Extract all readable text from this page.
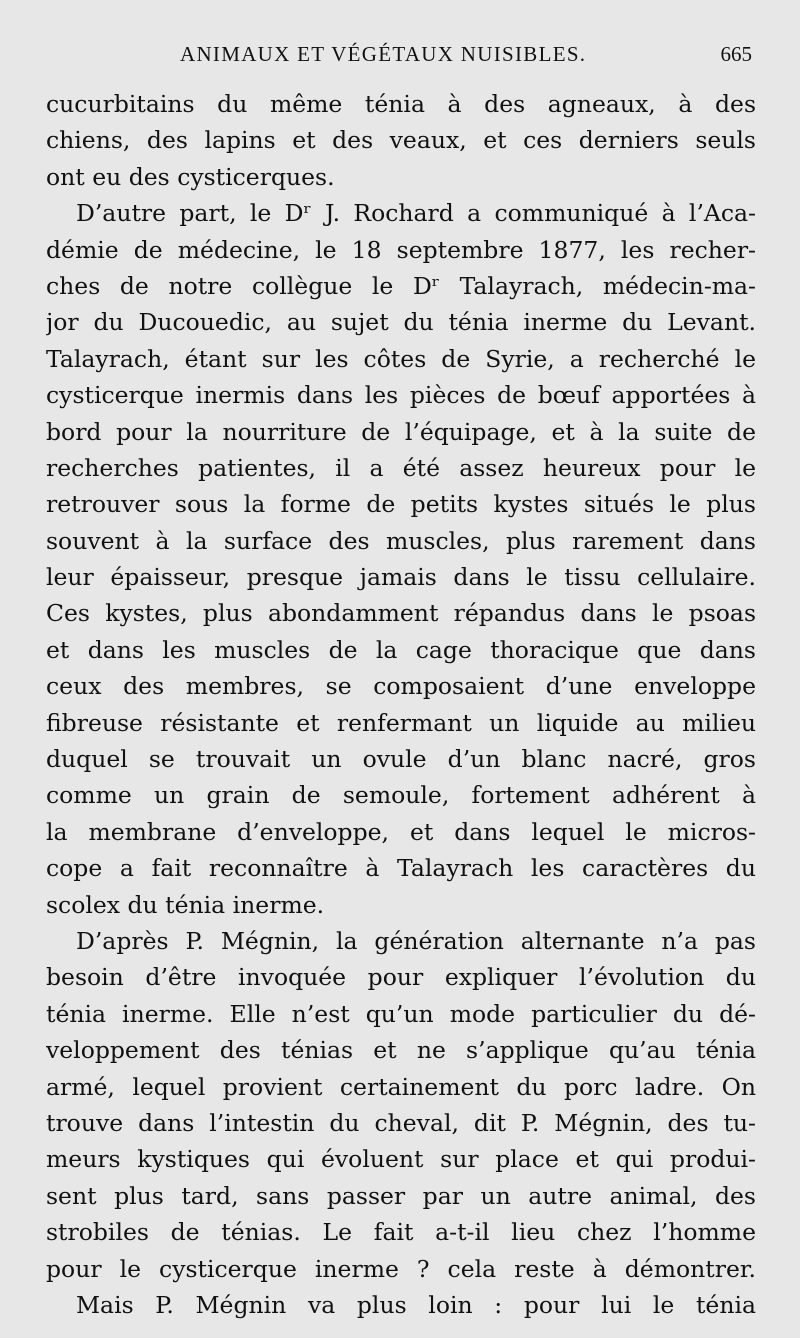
ANIMAUX ET VÉGÉTAUX NUISIBLES.	665
cucurbitains du même ténia à des agneaux, à des
chiens, des lapins et des veaux, et ces derniers seuls
ont eu des cysticerques.
D’autre part, le Dʳ J. Rochard a communiqué à l’Aca-
démie de médecine, le 18 septembre 1877, les recher-
ches de notre collègue le Dʳ Talayrach, médecin-ma-
jor du Ducouedic, au sujet du ténia inerme du Levant.
Talayrach, étant sur les côtes de Syrie, a recherché le
cysticerque inermis dans les pièces de bœuf apportées à
bord pour la nourriture de l’équipage, et à la suite de
recherches patientes, il a été assez heureux pour le
retrouver sous la forme de petits kystes situés le plus
souvent à la surface des muscles, plus rarement dans
leur épaisseur, presque jamais dans le tissu cellulaire.
Ces kystes, plus abondamment répandus dans le psoas
et dans les muscles de la cage thoracique que dans
ceux des membres, se composaient d’une enveloppe
fibreuse résistante et renfermant un liquide au milieu
duquel se trouvait un ovule d’un blanc nacré, gros
comme un grain de semoule, fortement adhérent à
la membrane d’enveloppe, et dans lequel le micros-
cope a fait reconnaître à Talayrach les caractères du
scolex du ténia inerme.
D’après P. Mégnin, la génération alternante n’a pas
besoin d’être invoquée pour expliquer l’évolution du
ténia inerme. Elle n’est qu’un mode particulier du dé-
veloppement des ténias et ne s’applique qu’au ténia
armé, lequel provient certainement du porc ladre. On
trouve dans l’intestin du cheval, dit P. Mégnin, des tu-
meurs kystiques qui évoluent sur place et qui produi-
sent plus tard, sans passer par un autre animal, des
strobiles de ténias. Le fait a-t-il lieu chez l’homme
pour le cysticerque inerme ? cela reste à démontrer.
Mais P. Mégnin va plus loin : pour lui le ténia
